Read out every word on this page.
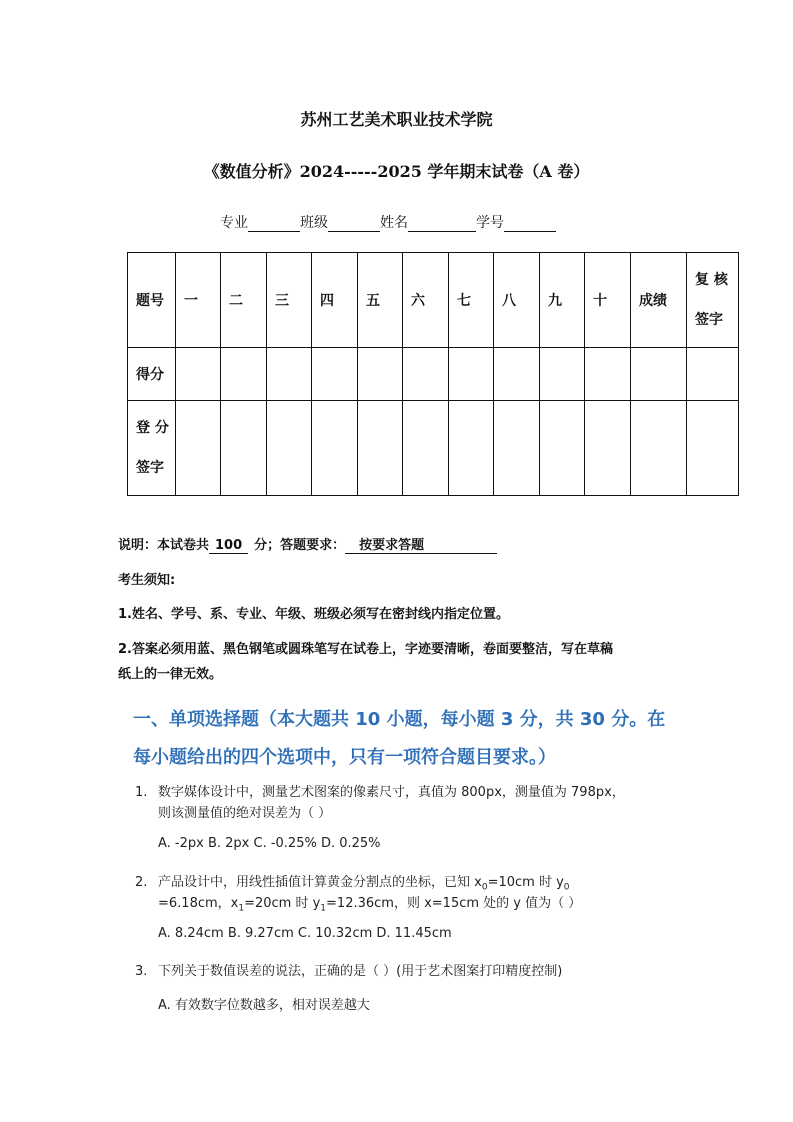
苏州工艺美术职业技术学院
《数值分析》2024-----2025 学年期末试卷（A 卷）
专业	班级	姓名	学号
题号	一	二	三	四	五	六	七	八	九	十	成绩	复 核
签字

得分												

登 分
签字												

说明：本试卷共 100 分；答题要求： 按要求答题
考生须知:
1.姓名、学号、系、专业、年级、班级必须写在密封线内指定位置。
2.答案必须用蓝、黑色钢笔或圆珠笔写在试卷上，字迹要清晰，卷面要整洁，写在草稿
纸上的一律无效。
一、单项选择题（本大题共 10 小题，每小题 3 分，共 30 分。在
每小题给出的四个选项中，只有一项符合题目要求。）
1. 数字媒体设计中，测量艺术图案的像素尺寸，真值为 800px，测量值为 798px，
则该测量值的绝对误差为（ ）
A. -2px B. 2px C. -0.25% D. 0.25%
2. 产品设计中，用线性插值计算黄金分割点的坐标，已知 $x_0=10cm$ 时 $y_0$
=6.18cm，$x_1=20cm$ 时 $y_1=12.36cm$，则 x=15cm 处的 y 值为（ ）
A. 8.24cm B. 9.27cm C. 10.32cm D. 11.45cm
3. 下列关于数值误差的说法，正确的是（ ）(用于艺术图案打印精度控制)
A. 有效数字位数越多，相对误差越大
